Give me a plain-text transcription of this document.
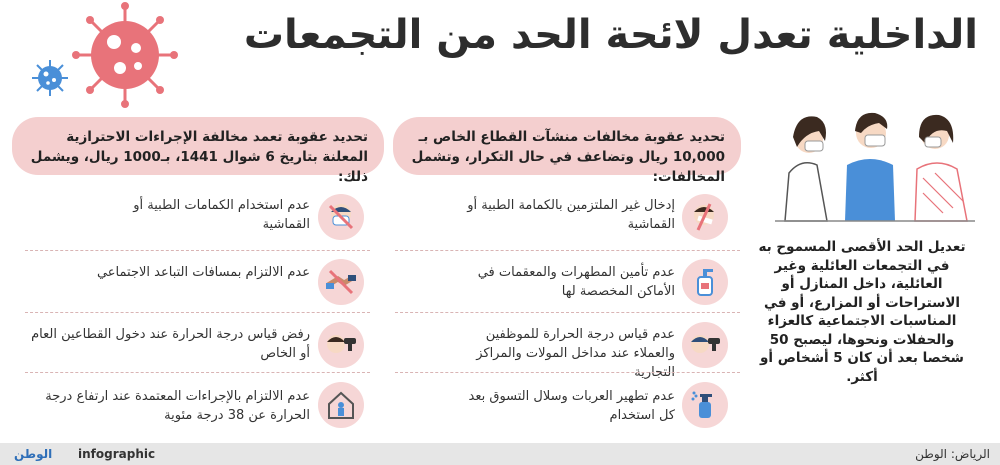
الداخلية تعدل لائحة الحد من التجمعات
تحديد عقوبة تعمد مخالفة الإجراءات الاحترازية المعلنة بتاريخ 6 شوال 1441، بـ1000 ريال، ويشمل ذلك:
تحديد عقوبة مخالفات منشآت القطاع الخاص بـ 10,000 ريال وتضاعف في حال التكرار، وتشمل المخالفات:
عدم استخدام الكمامات الطبية أو القماشية
عدم الالتزام بمسافات التباعد الاجتماعي
رفض قياس درجة الحرارة عند دخول القطاعين العام أو الخاص
عدم الالتزام بالإجراءات المعتمدة عند ارتفاع درجة الحرارة عن 38 درجة مئوية
إدخال غير الملتزمين بالكمامة الطبية أو القماشية
عدم تأمين المطهرات والمعقمات في الأماكن المخصصة لها
عدم قياس درجة الحرارة للموظفين والعملاء عند مداخل المولات والمراكز التجارية
عدم تطهير العربات وسلال التسوق بعد كل استخدام
تعديل الحد الأقصى المسموح به في التجمعات العائلية وغير العائلية، داخل المنازل أو الاستراحات أو المزارع، أو في المناسبات الاجتماعية كالعزاء والحفلات ونحوها، ليصبح 50 شخصا بعد أن كان 5 أشخاص أو أكثر.
الرياض: الوطن
infographic
الوطن
